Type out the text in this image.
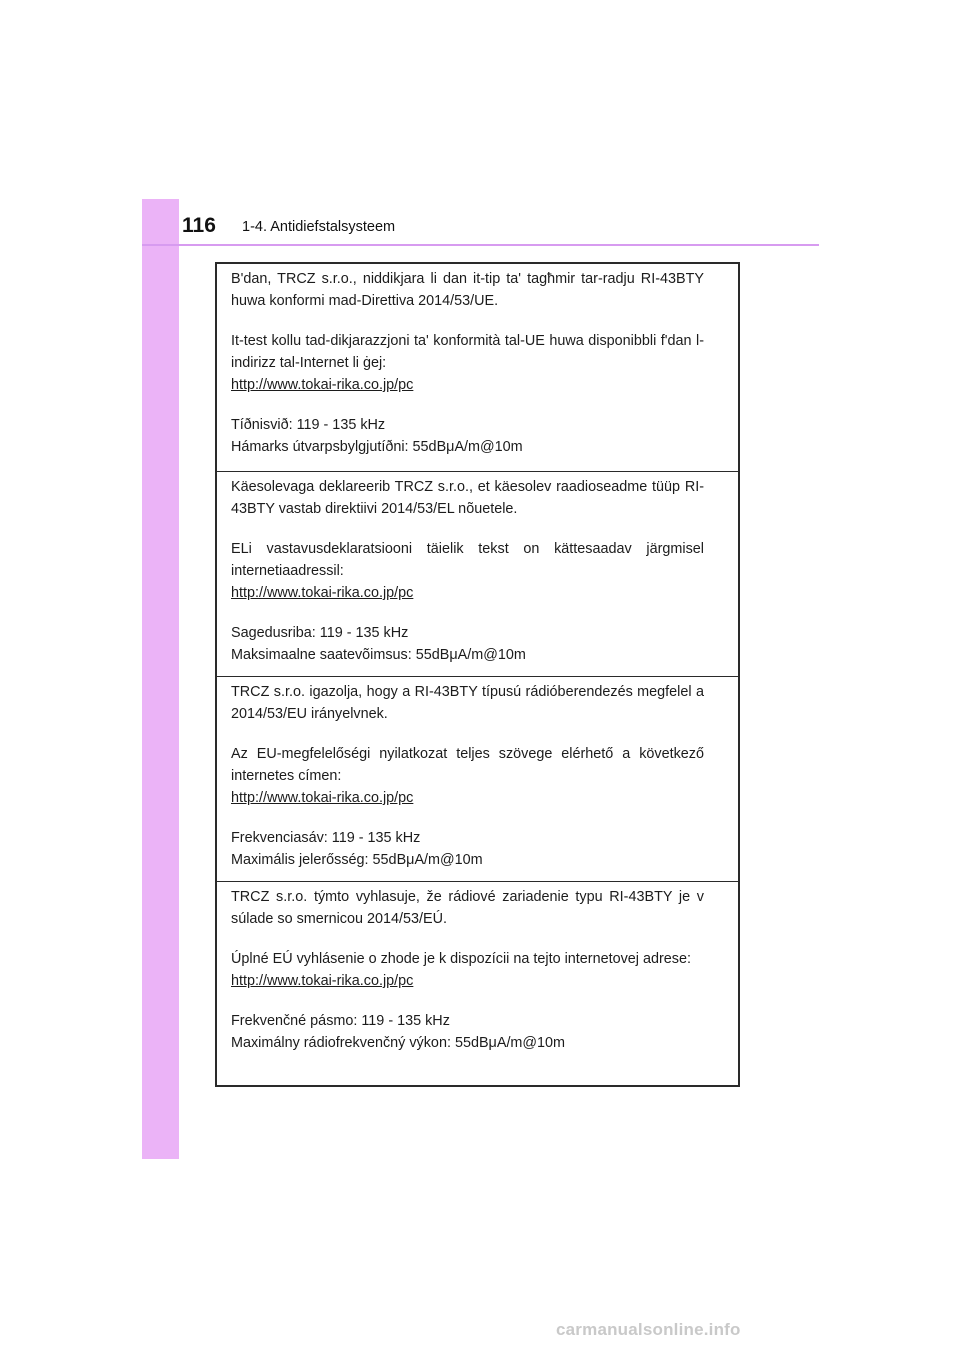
116 1-4. Antidiefstalsysteem

B'dan, TRCZ s.r.o., niddikjara li dan it-tip ta' tagħmir tar-radju RI-43BTY huwa konformi mad-Direttiva 2014/53/UE.

It-test kollu tad-dikjarazzjoni ta' konformità tal-UE huwa disponibbli f'dan l-indirizz tal-Internet li ġej:

http://www.tokai-rika.co.jp/pc

Tíðnisvið: 119 - 135 kHz

Hámarks útvarpsbylgjutíðni: 55dBμA/m@10m

Käesolevaga deklareerib TRCZ s.r.o., et käesolev raadioseadme tüüp RI-43BTY vastab direktiivi 2014/53/EL nõuetele.

ELi vastavusdeklaratsiooni täielik tekst on kättesaadav järgmisel internetiaadressil:

http://www.tokai-rika.co.jp/pc

Sagedusriba: 119 - 135 kHz

Maksimaalne saatevõimsus: 55dBμA/m@10m

TRCZ s.r.o. igazolja, hogy a RI-43BTY típusú rádióberendezés megfelel a 2014/53/EU irányelvnek.

Az EU-megfelelőségi nyilatkozat teljes szövege elérhető a következő internetes címen:

http://www.tokai-rika.co.jp/pc

Frekvenciasáv: 119 - 135 kHz

Maximális jelerősség: 55dBμA/m@10m

TRCZ s.r.o. týmto vyhlasuje, že rádiové zariadenie typu RI-43BTY je v súlade so smernicou 2014/53/EÚ.

Úplné EÚ vyhlásenie o zhode je k dispozícii na tejto internetovej adrese:

http://www.tokai-rika.co.jp/pc

Frekvenčné pásmo: 119 - 135 kHz

Maximálny rádiofrekvenčný výkon: 55dBμA/m@10m

carmanualsonline.info
